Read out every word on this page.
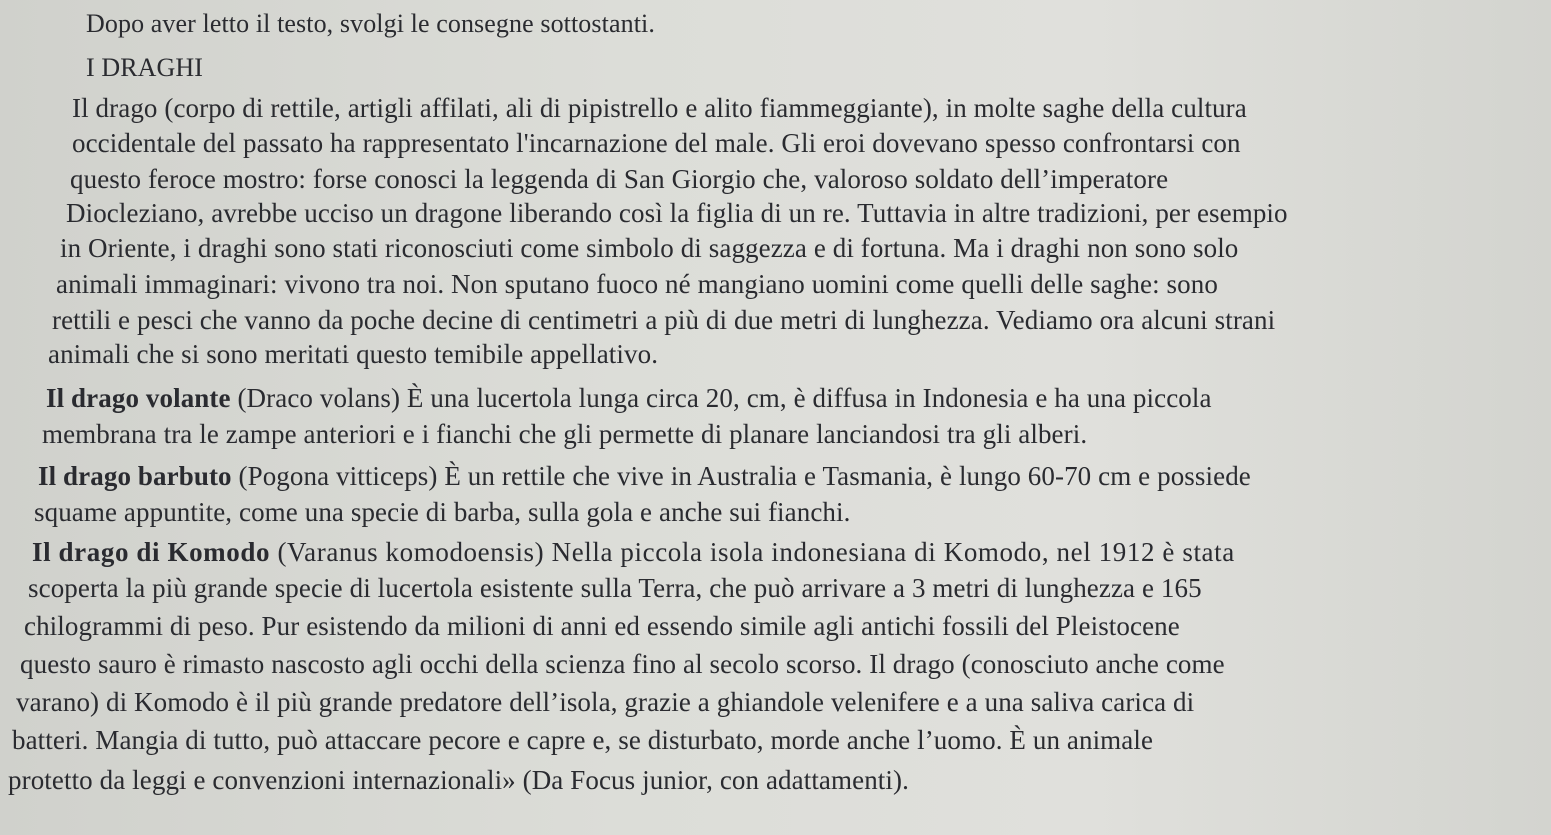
Dopo aver letto il testo, svolgi le consegne sottostanti.
I DRAGHI
Il drago (corpo di rettile, artigli affilati, ali di pipistrello e alito fiammeggiante), in molte saghe della cultura
occidentale del passato ha rappresentato l'incarnazione del male. Gli eroi dovevano spesso confrontarsi con
questo feroce mostro: forse conosci la leggenda di San Giorgio che, valoroso soldato dell’imperatore
Diocleziano, avrebbe ucciso un dragone liberando così la figlia di un re. Tuttavia in altre tradizioni, per esempio
in Oriente, i draghi sono stati riconosciuti come simbolo di saggezza e di fortuna. Ma i draghi non sono solo
animali immaginari: vivono tra noi. Non sputano fuoco né mangiano uomini come quelli delle saghe: sono
rettili e pesci che vanno da poche decine di centimetri a più di due metri di lunghezza. Vediamo ora alcuni strani
animali che si sono meritati questo temibile appellativo.
Il drago volante (Draco volans) È una lucertola lunga circa 20, cm, è diffusa in Indonesia e ha una piccola
membrana tra le zampe anteriori e i fianchi che gli permette di planare lanciandosi tra gli alberi.
Il drago barbuto (Pogona vitticeps) È un rettile che vive in Australia e Tasmania, è lungo 60-70 cm e possiede
squame appuntite, come una specie di barba, sulla gola e anche sui fianchi.
Il drago di Komodo (Varanus komodoensis) Nella piccola isola indonesiana di Komodo, nel 1912 è stata
scoperta la più grande specie di lucertola esistente sulla Terra, che può arrivare a 3 metri di lunghezza e 165
chilogrammi di peso. Pur esistendo da milioni di anni ed essendo simile agli antichi fossili del Pleistocene
questo sauro è rimasto nascosto agli occhi della scienza fino al secolo scorso. Il drago (conosciuto anche come
varano) di Komodo è il più grande predatore dell’isola, grazie a ghiandole velenifere e a una saliva carica di
batteri. Mangia di tutto, può attaccare pecore e capre e, se disturbato, morde anche l’uomo. È un animale
protetto da leggi e convenzioni internazionali» (Da Focus junior, con adattamenti).
